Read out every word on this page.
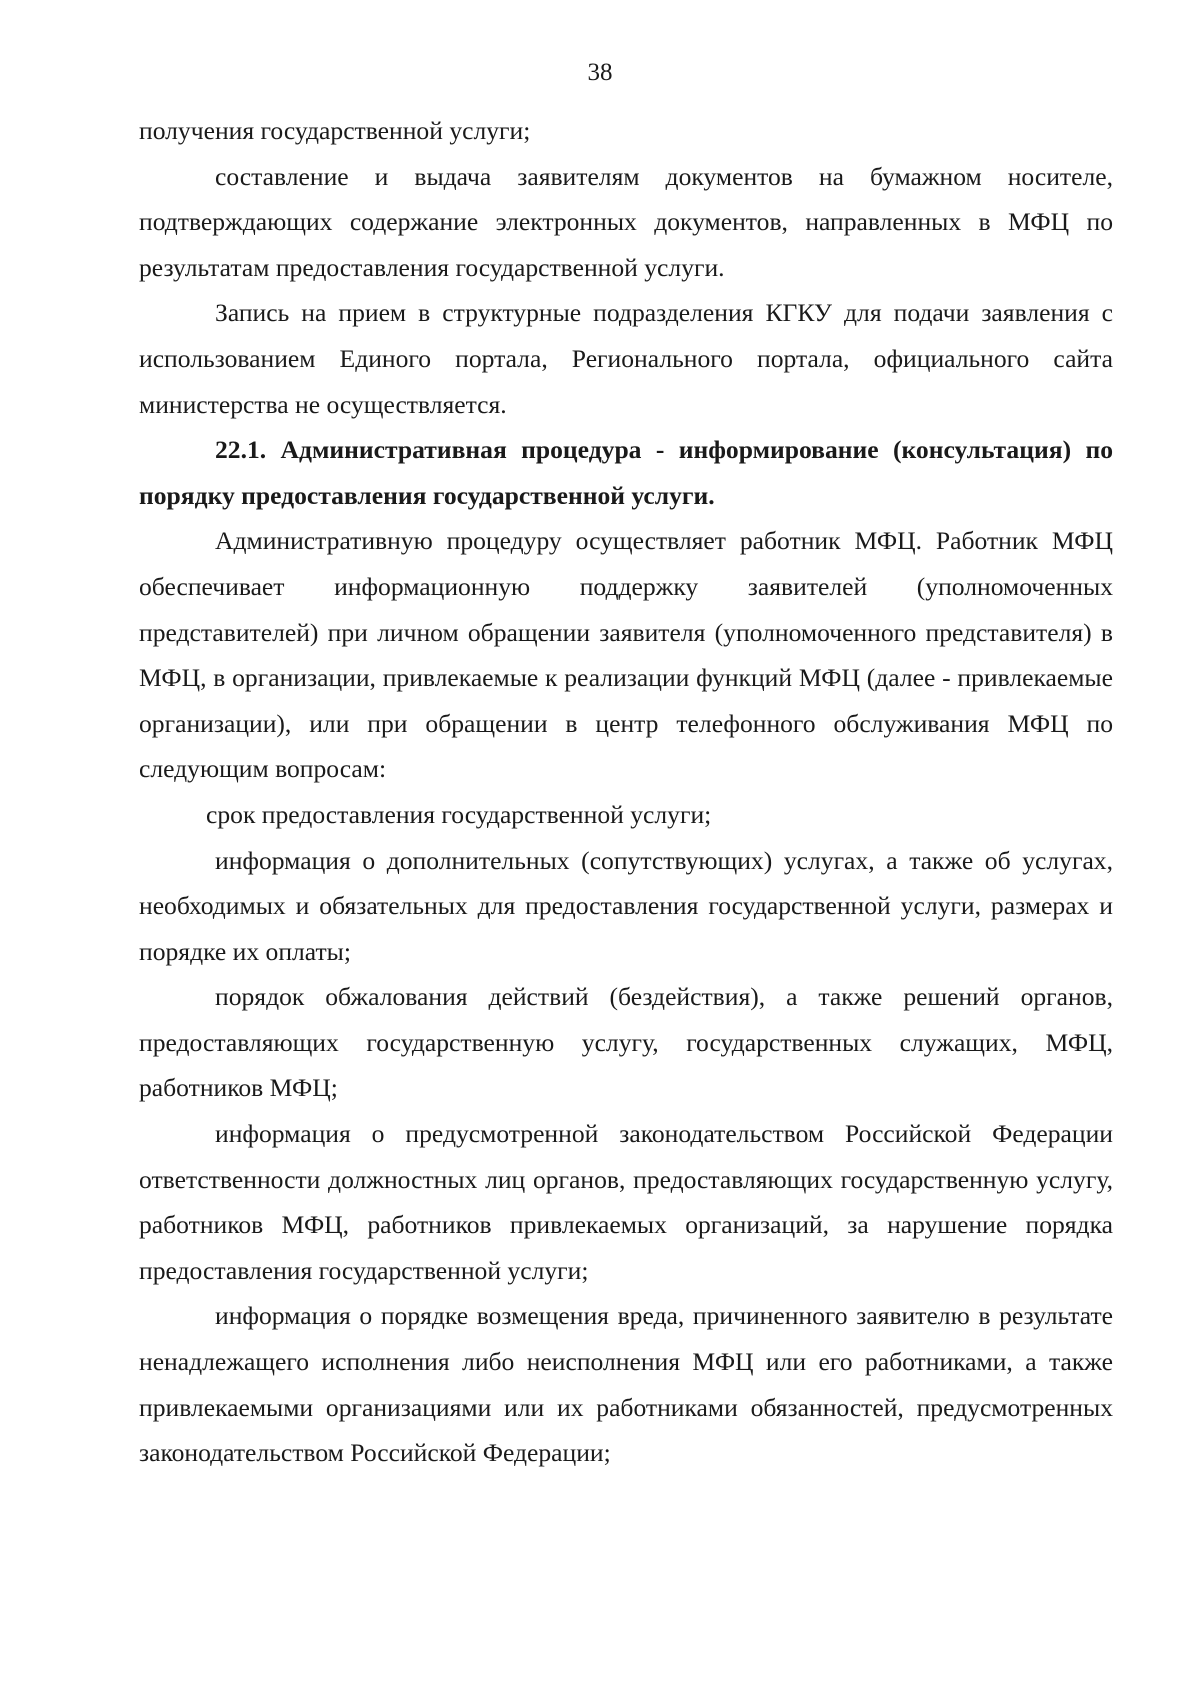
38

получения государственной услуги;

составление и выдача заявителям документов на бумажном носителе, подтверждающих содержание электронных документов, направленных в МФЦ по результатам предоставления государственной услуги.

Запись на прием в структурные подразделения КГКУ для подачи заявления с использованием Единого портала, Регионального портала, официального сайта министерства не осуществляется.

22.1. Административная процедура - информирование (консультация) по порядку предоставления государственной услуги.

Административную процедуру осуществляет работник МФЦ. Работник МФЦ обеспечивает информационную поддержку заявителей (уполномоченных представителей) при личном обращении заявителя (уполномоченного представителя) в МФЦ, в организации, привлекаемые к реализации функций МФЦ (далее - привлекаемые организации), или при обращении в центр телефонного обслуживания МФЦ по следующим вопросам:

срок предоставления государственной услуги;

информация о дополнительных (сопутствующих) услугах, а также об услугах, необходимых и обязательных для предоставления государственной услуги, размерах и порядке их оплаты;

порядок обжалования действий (бездействия), а также решений органов, предоставляющих государственную услугу, государственных служащих, МФЦ, работников МФЦ;

информация о предусмотренной законодательством Российской Федерации ответственности должностных лиц органов, предоставляющих государственную услугу, работников МФЦ, работников привлекаемых организаций, за нарушение порядка предоставления государственной услуги;

информация о порядке возмещения вреда, причиненного заявителю в результате ненадлежащего исполнения либо неисполнения МФЦ или его работниками, а также привлекаемыми организациями или их работниками обязанностей, предусмотренных законодательством Российской Федерации;
